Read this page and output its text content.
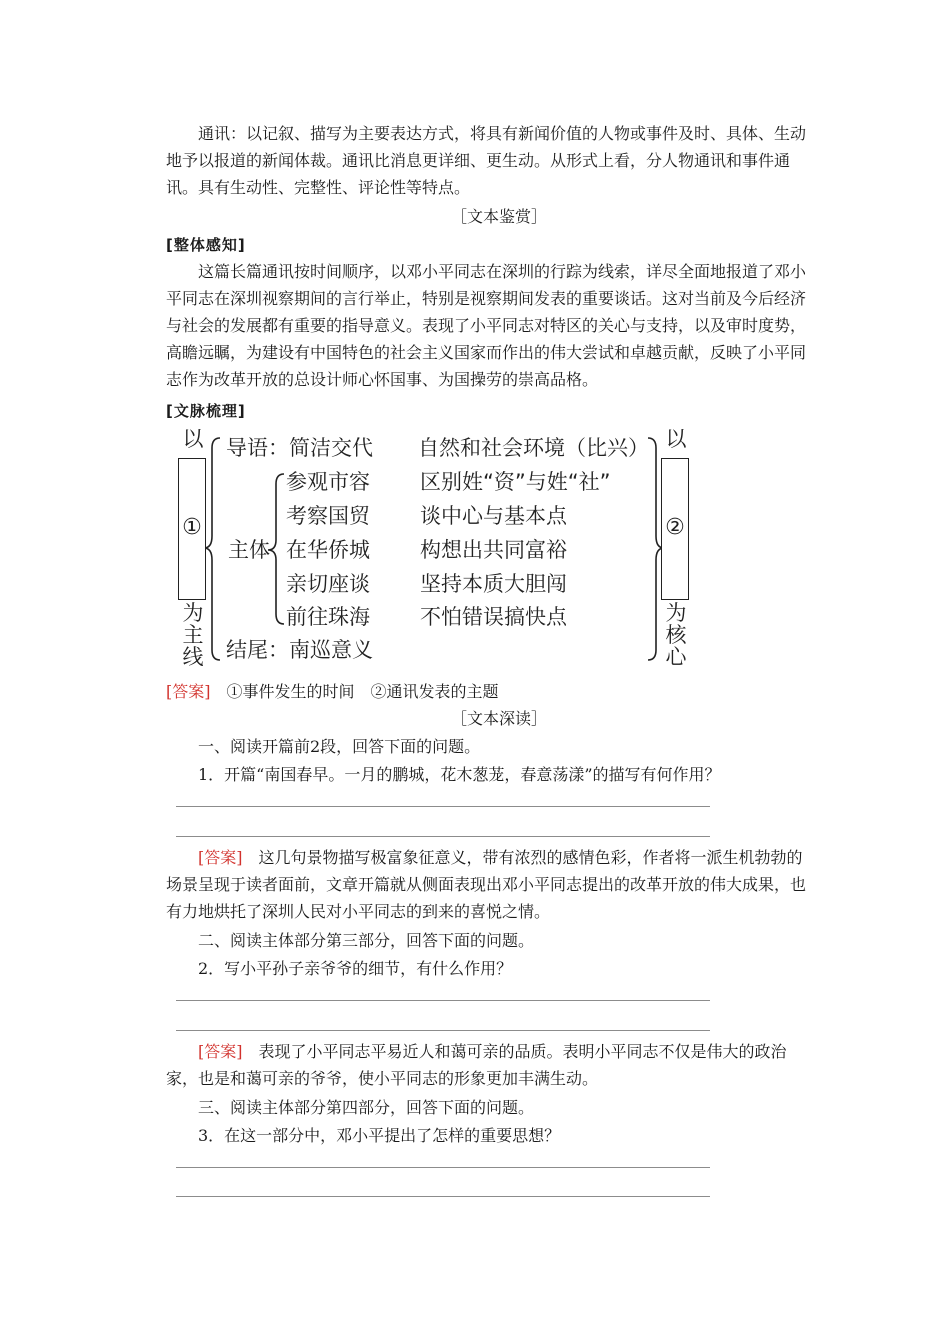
通讯：以记叙、描写为主要表达方式，将具有新闻价值的人物或事件及时、具体、生动地予以报道的新闻体裁。通讯比消息更详细、更生动。从形式上看，分人物通讯和事件通讯。具有生动性、完整性、评论性等特点。

［文本鉴赏］

[整体感知]

这篇长篇通讯按时间顺序，以邓小平同志在深圳的行踪为线索，详尽全面地报道了邓小平同志在深圳视察期间的言行举止，特别是视察期间发表的重要谈话。这对当前及今后经济与社会的发展都有重要的指导意义。表现了小平同志对特区的关心与支持，以及审时度势，高瞻远瞩，为建设有中国特色的社会主义国家而作出的伟大尝试和卓越贡献，反映了小平同志作为改革开放的总设计师心怀国事、为国操劳的崇高品格。

[文脉梳理]

以
①
为主线
以
②
为核心
导语：简洁交代 自然和社会环境（比兴）
主体
参观市容 区别姓“资”与姓“社”
考察国贸 谈中心与基本点
在华侨城 构想出共同富裕
亲切座谈 坚持本质大胆闯
前往珠海 不怕错误搞快点
结尾：南巡意义

[答案]　 ①事件发生的时间　②通讯发表的主题

［文本深读］

一、阅读开篇前2段，回答下面的问题。

1．开篇“南国春早。一月的鹏城，花木葱茏，春意荡漾”的描写有何作用？

[答案]　 这几句景物描写极富象征意义，带有浓烈的感情色彩，作者将一派生机勃勃的场景呈现于读者面前，文章开篇就从侧面表现出邓小平同志提出的改革开放的伟大成果，也有力地烘托了深圳人民对小平同志的到来的喜悦之情。

二、阅读主体部分第三部分，回答下面的问题。

2．写小平孙子亲爷爷的细节，有什么作用？

[答案]　 表现了小平同志平易近人和蔼可亲的品质。表明小平同志不仅是伟大的政治家，也是和蔼可亲的爷爷，使小平同志的形象更加丰满生动。

三、阅读主体部分第四部分，回答下面的问题。

3．在这一部分中，邓小平提出了怎样的重要思想？
